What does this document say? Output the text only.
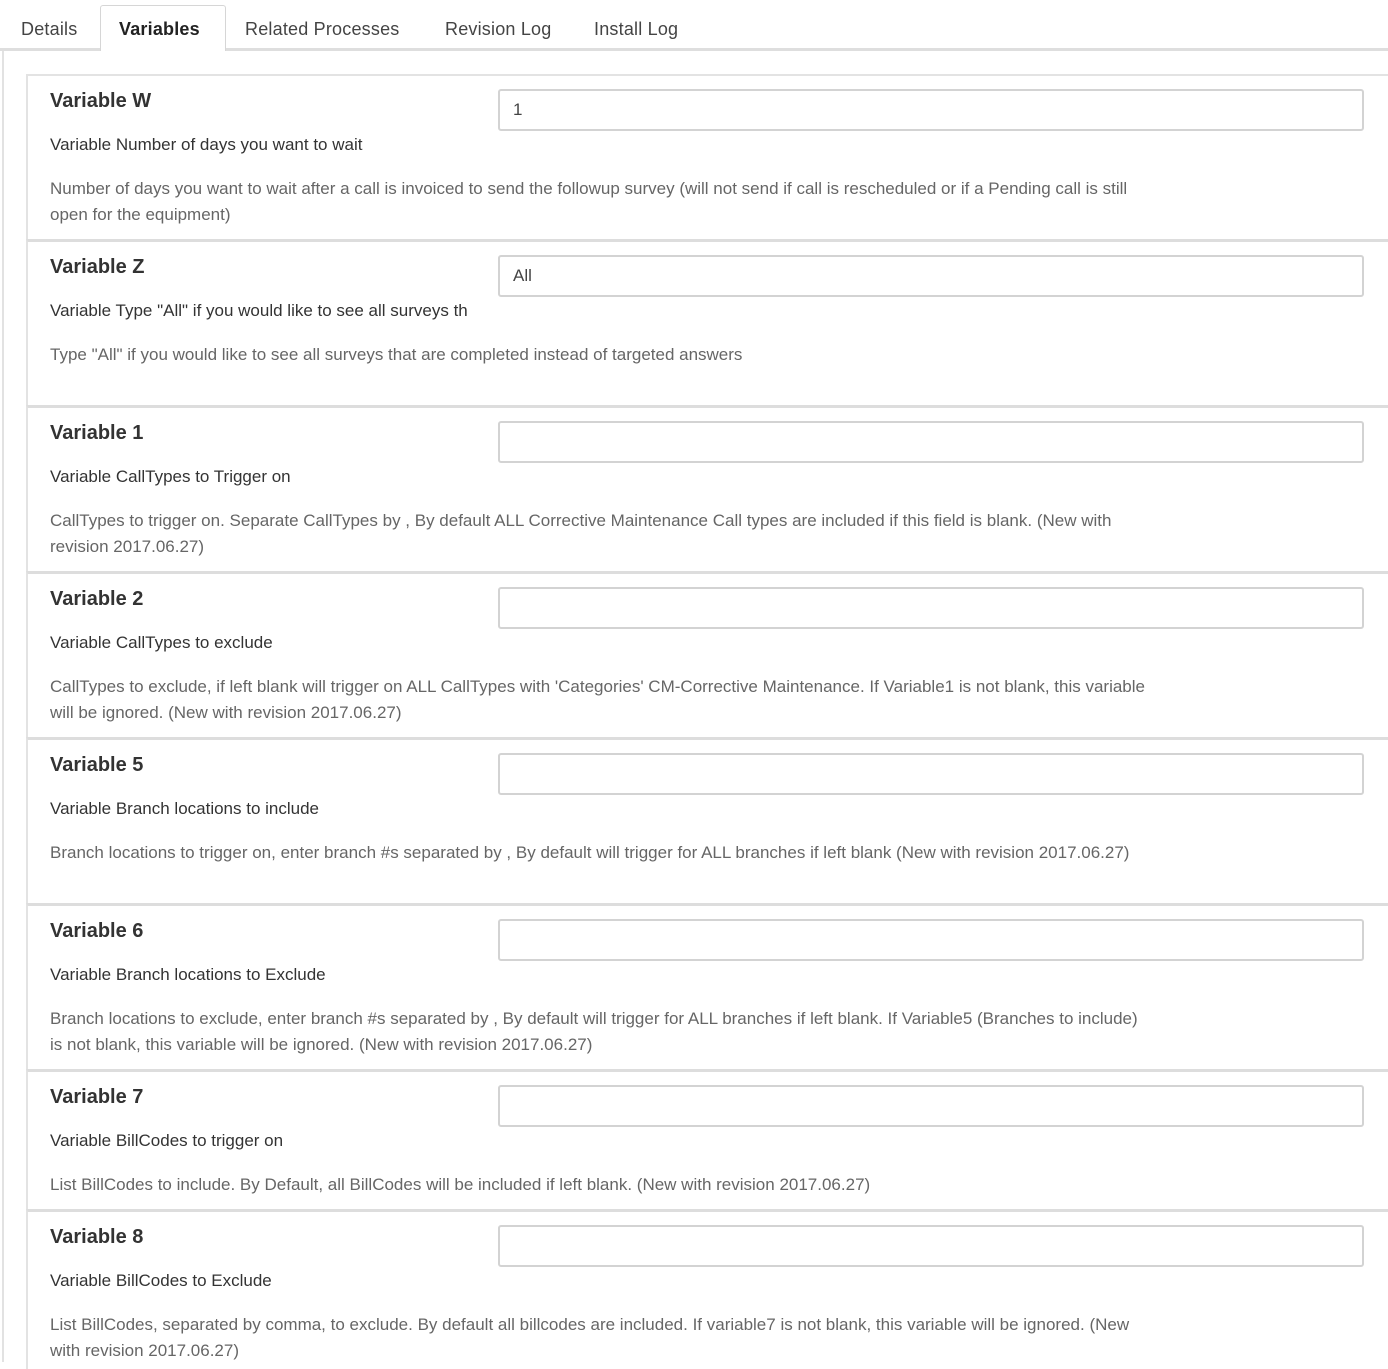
Details	Variables	Related Processes	Revision Log Install Log
Variable W
Variable Number of days you want to wait
1
Number of days you want to wait after a call is invoiced to send the followup survey (will not send if call is rescheduled or if a Pending call is still open for the equipment)
Variable Z
Variable Type "All" if you would like to see all surveys th
All
Type "All" if you would like to see all surveys that are completed instead of targeted answers
Variable 1
Variable CallTypes to Trigger on
CallTypes to trigger on. Separate CallTypes by , By default ALL Corrective Maintenance Call types are included if this field is blank. (New with revision 2017.06.27)
Variable 2
Variable CallTypes to exclude
CallTypes to exclude, if left blank will trigger on ALL CallTypes with 'Categories' CM-Corrective Maintenance. If Variable1 is not blank, this variable will be ignored. (New with revision 2017.06.27)
Variable 5
Variable Branch locations to include
Branch locations to trigger on, enter branch #s separated by , By default will trigger for ALL branches if left blank (New with revision 2017.06.27)
Variable 6
Variable Branch locations to Exclude
Branch locations to exclude, enter branch #s separated by , By default will trigger for ALL branches if left blank. If Variable5 (Branches to include) is not blank, this variable will be ignored. (New with revision 2017.06.27)
Variable 7
Variable BillCodes to trigger on
List BillCodes to include. By Default, all BillCodes will be included if left blank. (New with revision 2017.06.27)
Variable 8
Variable BillCodes to Exclude
List BillCodes, separated by comma, to exclude. By default all billcodes are included. If variable7 is not blank, this variable will be ignored. (New with revision 2017.06.27)
